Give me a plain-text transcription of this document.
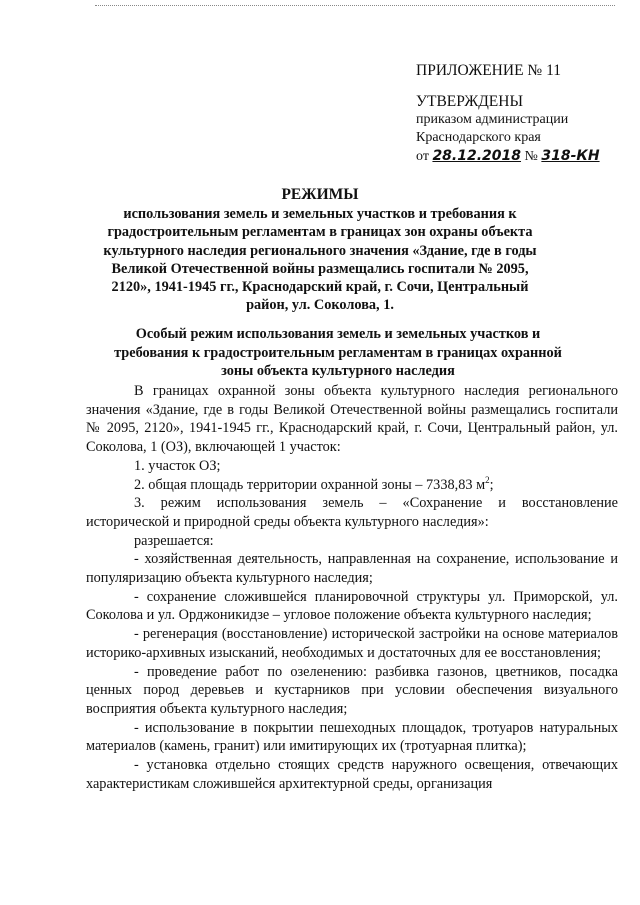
ПРИЛОЖЕНИЕ № 11
УТВЕРЖДЕНЫ
приказом администрации
Краснодарского края
от 28.12.2018 № 318-КН
РЕЖИМЫ
использования земель и земельных участков и требования к градостроительным регламентам в границах зон охраны объекта культурного наследия регионального значения «Здание, где в годы Великой Отечественной войны размещались госпитали № 2095, 2120», 1941-1945 гг., Краснодарский край, г. Сочи, Центральный район, ул. Соколова, 1.
Особый режим использования земель и земельных участков и требования к градостроительным регламентам в границах охранной зоны объекта культурного наследия

В границах охранной зоны объекта культурного наследия регионального значения «Здание, где в годы Великой Отечественной войны размещались госпитали № 2095, 2120», 1941-1945 гг., Краснодарский край, г. Сочи, Центральный район, ул. Соколова, 1 (ОЗ), включающей 1 участок:

1. участок ОЗ;

2. общая площадь территории охранной зоны – 7338,83 $м^2$;

3. режим использования земель – «Сохранение и восстановление исторической и природной среды объекта культурного наследия»:

разрешается:

- хозяйственная деятельность, направленная на сохранение, использование и популяризацию объекта культурного наследия;

- сохранение сложившейся планировочной структуры ул. Приморской, ул. Соколова и ул. Орджоникидзе – угловое положение объекта культурного наследия;

- регенерация (восстановление) исторической застройки на основе материалов историко-архивных изысканий, необходимых и достаточных для ее восстановления;

- проведение работ по озеленению: разбивка газонов, цветников, посадка ценных пород деревьев и кустарников при условии обеспечения визуального восприятия объекта культурного наследия;

- использование в покрытии пешеходных площадок, тротуаров натуральных материалов (камень, гранит) или имитирующих их (тротуарная плитка);

- установка отдельно стоящих средств наружного освещения, отвечающих характеристикам сложившейся архитектурной среды, организация
